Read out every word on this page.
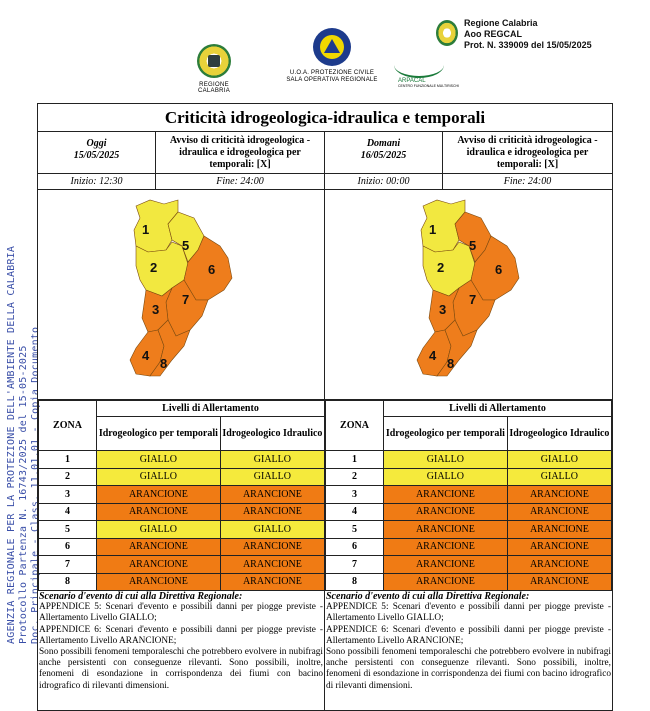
AGENZIA REGIONALE PER LA PROTEZIONE DELL'AMBIENTE DELLA CALABRIA Protocollo Partenza N. 16743/2025 del 15-05-2025 Doc. Principale - Class. 11.01.01 - Copia Documento
REGIONE CALABRIA
U.O.A. PROTEZIONE CIVILE
SALA OPERATIVA REGIONALE	ARPACAL
CENTRO FUNZIONALE MULTIRISCHI
Regione Calabria
Aoo REGCAL
Prot. N. 339009 del 15/05/2025
Criticità idrogeologica-idraulica e temporali
Oggi
15/05/2025
Avviso di criticità idrogeologica - idraulica e idrogeologica per temporali: [X]
Inizio: 12:30	Fine: 24:00
1
2
3
4
5
6
7
8
ZONA	Livelli di Allertamento	
	Idrogeologico per temporali	Idrogeologico Idraulico
1	GIALLO	GIALLO
2	GIALLO	GIALLO
3	ARANCIONE	ARANCIONE
4	ARANCIONE	ARANCIONE
5	GIALLO	GIALLO
6	ARANCIONE	ARANCIONE
7	ARANCIONE	ARANCIONE
8	ARANCIONE	ARANCIONE
Scenario d'evento di cui alla Direttiva Regionale:
APPENDICE 5: Scenari d'evento e possibili danni per piogge previste - Allertamento Livello GIALLO;
APPENDICE 6: Scenari d'evento e possibili danni per piogge previste - Allertamento Livello ARANCIONE;
Sono possibili fenomeni temporaleschi che potrebbero evolvere in nubifragi anche persistenti con conseguenze rilevanti. Sono possibili, inoltre, fenomeni di esondazione in corrispondenza dei fiumi con bacino idrografico di rilevanti dimensioni.
Domani
16/05/2025
Avviso di criticità idrogeologica - idraulica e idrogeologica per temporali: [X]
Inizio: 00:00	Fine: 24:00
1
2
3
4
5
6
7
8
ZONA	Livelli di Allertamento	
	Idrogeologico per temporali	Idrogeologico Idraulico
1	GIALLO	GIALLO
2	GIALLO	GIALLO
3	ARANCIONE	ARANCIONE
4	ARANCIONE	ARANCIONE
5	ARANCIONE	ARANCIONE
6	ARANCIONE	ARANCIONE
7	ARANCIONE	ARANCIONE
8	ARANCIONE	ARANCIONE
Scenario d'evento di cui alla Direttiva Regionale:
APPENDICE 5: Scenari d'evento e possibili danni per piogge previste - Allertamento Livello GIALLO;
APPENDICE 6: Scenari d'evento e possibili danni per piogge previste - Allertamento Livello ARANCIONE;
Sono possibili fenomeni temporaleschi che potrebbero evolvere in nubifragi anche persistenti con conseguenze rilevanti. Sono possibili, inoltre, fenomeni di esondazione in corrispondenza dei fiumi con bacino idrografico di rilevanti dimensioni.
